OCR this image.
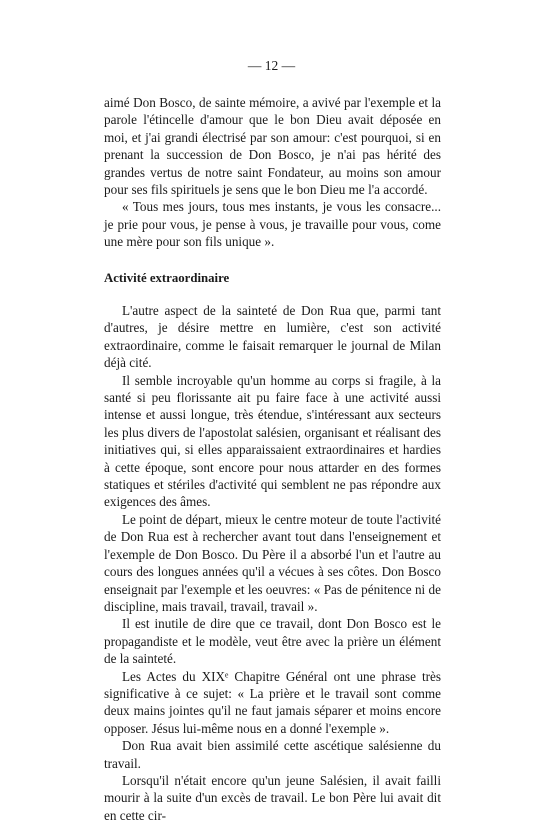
— 12 —

aimé Don Bosco, de sainte mémoire, a avivé par l'exemple et la parole l'étincelle d'amour que le bon Dieu avait déposée en moi, et j'ai grandi électrisé par son amour: c'est pourquoi, si en prenant la succession de Don Bosco, je n'ai pas hérité des grandes vertus de notre saint Fondateur, au moins son amour pour ses fils spirituels je sens que le bon Dieu me l'a accordé.

« Tous mes jours, tous mes instants, je vous les consacre... je prie pour vous, je pense à vous, je travaille pour vous, come une mère pour son fils unique ».

Activité extraordinaire

L'autre aspect de la sainteté de Don Rua que, parmi tant d'autres, je désire mettre en lumière, c'est son activité extraordinaire, comme le faisait remarquer le journal de Milan déjà cité.

Il semble incroyable qu'un homme au corps si fragile, à la santé si peu florissante ait pu faire face à une activité aussi intense et aussi longue, très étendue, s'intéressant aux secteurs les plus divers de l'apostolat salésien, organisant et réalisant des initiatives qui, si elles apparaissaient extraordinaires et hardies à cette époque, sont encore pour nous attarder en des formes statiques et stériles d'activité qui semblent ne pas répondre aux exigences des âmes.

Le point de départ, mieux le centre moteur de toute l'activité de Don Rua est à rechercher avant tout dans l'enseignement et l'exemple de Don Bosco. Du Père il a absorbé l'un et l'autre au cours des longues années qu'il a vécues à ses côtes. Don Bosco enseignait par l'exemple et les oeuvres: « Pas de pénitence ni de discipline, mais travail, travail, travail ».

Il est inutile de dire que ce travail, dont Don Bosco est le propagandiste et le modèle, veut être avec la prière un élément de la sainteté.

Les Actes du XIXᵉ Chapitre Général ont une phrase très significative à ce sujet: « La prière et le travail sont comme deux mains jointes qu'il ne faut jamais séparer et moins encore opposer. Jésus lui-même nous en a donné l'exemple ».

Don Rua avait bien assimilé cette ascétique salésienne du travail.

Lorsqu'il n'était encore qu'un jeune Salésien, il avait failli mourir à la suite d'un excès de travail. Le bon Père lui avait dit en cette cir-
